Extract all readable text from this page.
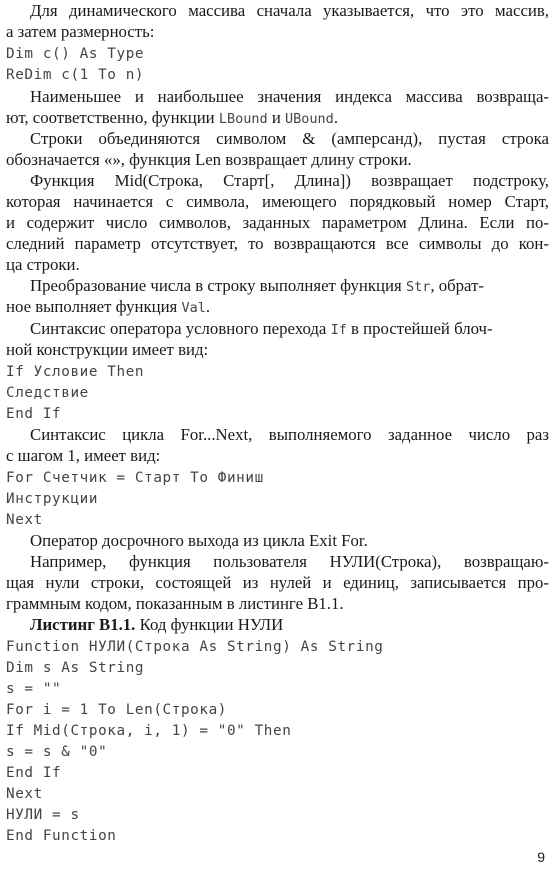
Для динамического массива сначала указывается, что это массив,
а затем размерность:
Dim c() As Type
ReDim c(1 To n)
Наименьшее и наибольшее значения индекса массива возвраща-
ют, соответственно, функции LBound и UBound.
Строки объединяются символом & (амперсанд), пустая строка
обозначается «», функция Len возвращает длину строки.
Функция Mid(Строка, Старт[, Длина]) возвращает подстроку,
которая начинается с символа, имеющего порядковый номер Старт,
и содержит число символов, заданных параметром Длина. Если по-
следний параметр отсутствует, то возвращаются все символы до кон-
ца строки.
Преобразование числа в строку выполняет функция Str, обрат-
ное выполняет функция Val.
Синтаксис оператора условного перехода If в простейшей блоч-
ной конструкции имеет вид:
If Условие Then
Следствие
End If
Синтаксис цикла For...Next, выполняемого заданное число раз
с шагом 1, имеет вид:
For Счетчик = Старт To Финиш
Инструкции
Next
Оператор досрочного выхода из цикла Exit For.
Например, функция пользователя НУЛИ(Строка), возвращаю-
щая нули строки, состоящей из нулей и единиц, записывается про-
граммным кодом, показанным в листинге В1.1.
Листинг В1.1. Код функции НУЛИ
Function НУЛИ(Строка As String) As String
Dim s As String
s = ""
For i = 1 To Len(Строка)
If Mid(Строка, i, 1) = "0" Then
s = s & "0"
End If
Next
НУЛИ = s
End Function
9
